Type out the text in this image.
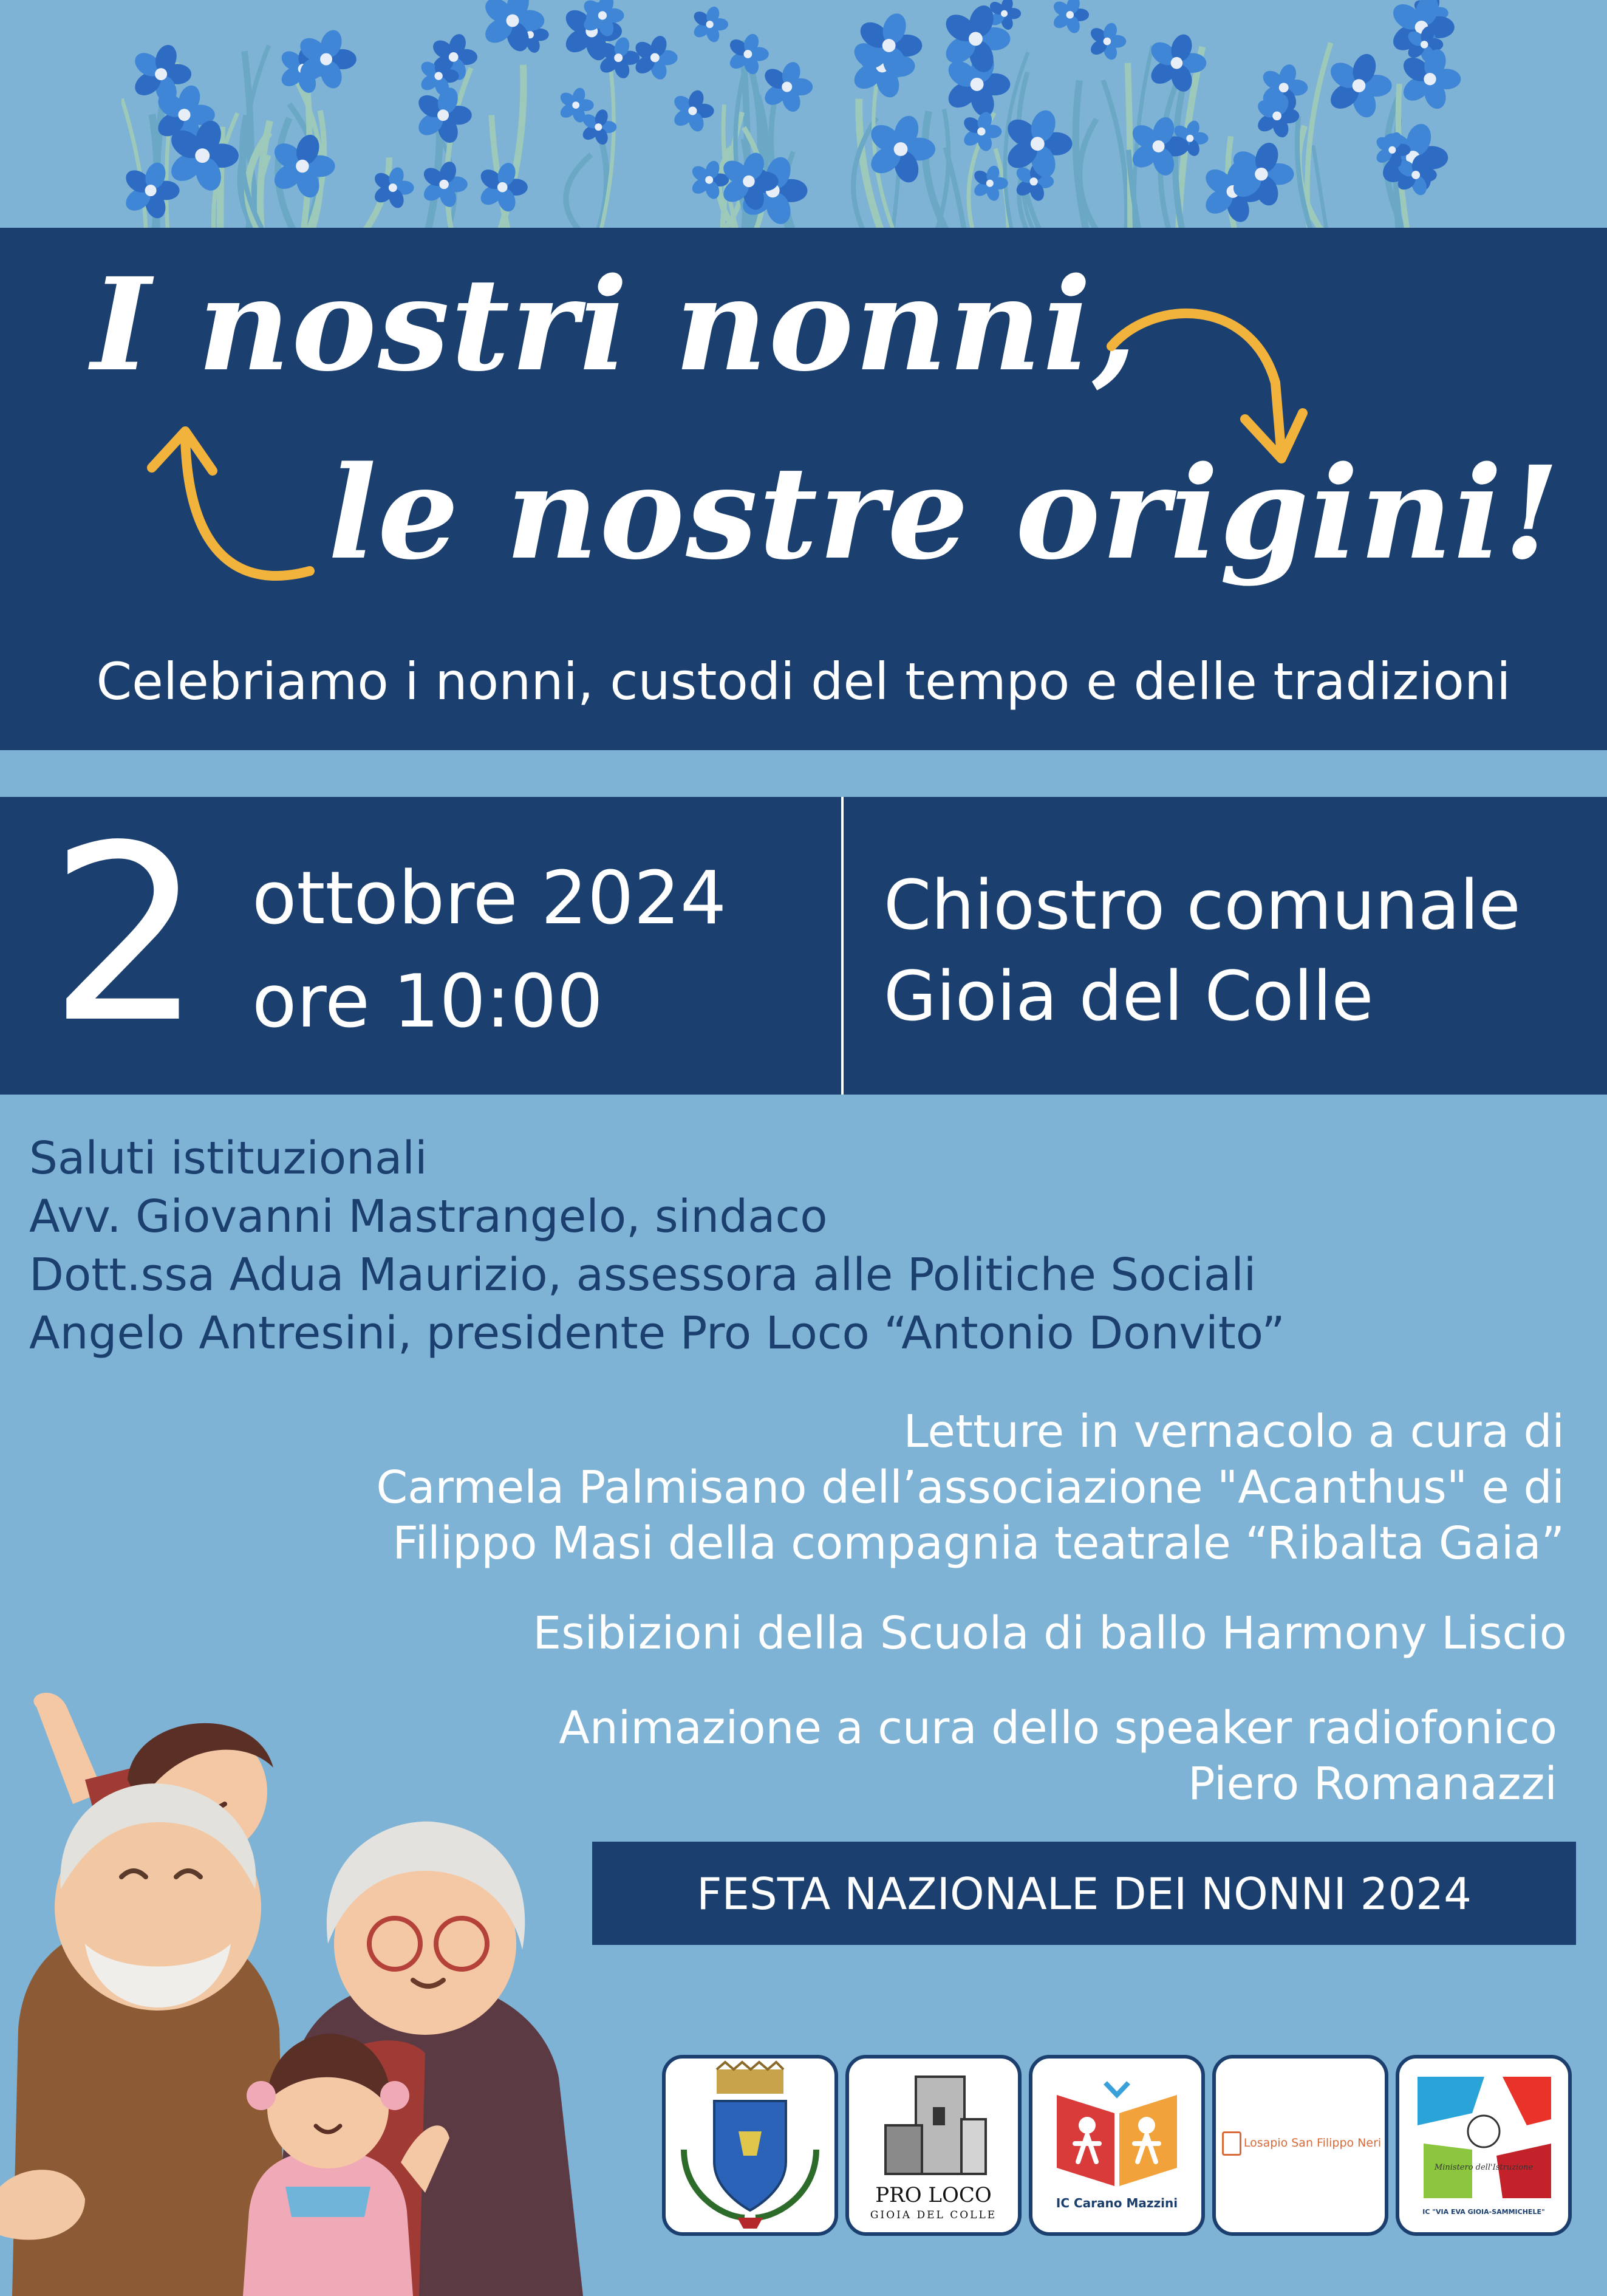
I nostri nonni,
le nostre origini!
Celebriamo i nonni, custodi del tempo e delle tradizioni
2 ottobre 2024
ore 10:00
Chiostro comunale
Gioia del Colle
Saluti istituzionali
Avv. Giovanni Mastrangelo, sindaco
Dott.ssa Adua Maurizio, assessora alle Politiche Sociali
Angelo Antresini, presidente Pro Loco “Antonio Donvito”
Letture in vernacolo a cura di
Carmela Palmisano dell’associazione "Acanthus" e di
Filippo Masi della compagnia teatrale “Ribalta Gaia”
Esibizioni della Scuola di ballo Harmony Liscio
Animazione a cura dello speaker radiofonico
Piero Romanazzi
FESTA NAZIONALE DEI NONNI 2024
PRO LOCO
GIOIA DEL COLLE
IC Carano Mazzini
Losapio San Filippo Neri
Ministero dell'Istruzione
IC "VIA EVA GIOIA-SAMMICHELE"
